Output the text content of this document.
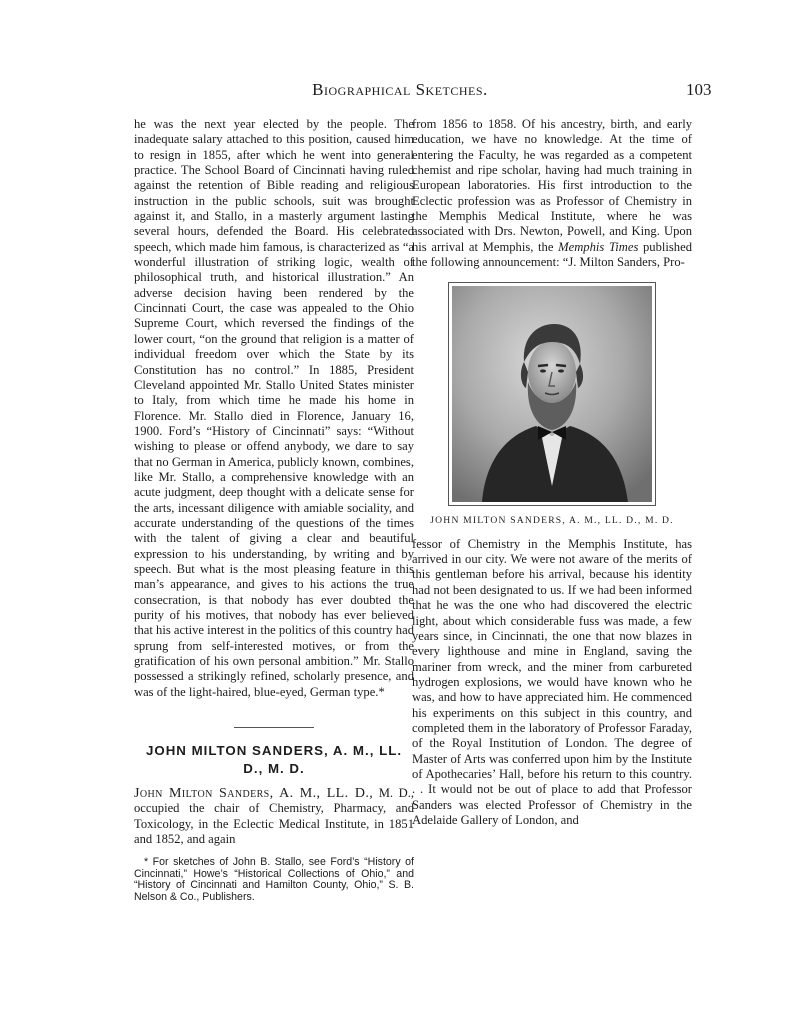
Biographical Sketches.	103

he was the next year elected by the people. The inadequate salary attached to this position, caused him to resign in 1855, after which he went into general practice. The School Board of Cincinnati having ruled against the retention of Bible reading and religious instruction in the public schools, suit was brought against it, and Stallo, in a masterly argument lasting several hours, defended the Board. His celebrated speech, which made him famous, is characterized as “a wonderful illustration of striking logic, wealth of philosophical truth, and historical illustration.” An adverse decision having been rendered by the Cincinnati Court, the case was appealed to the Ohio Supreme Court, which reversed the findings of the lower court, “on the ground that religion is a matter of individual freedom over which the State by its Constitution has no control.” In 1885, President Cleveland appointed Mr. Stallo United States minister to Italy, from which time he made his home in Florence. Mr. Stallo died in Florence, January 16, 1900. Ford’s “History of Cincinnati” says: “Without wishing to please or offend anybody, we dare to say that no German in America, publicly known, combines, like Mr. Stallo, a comprehensive knowledge with an acute judgment, deep thought with a delicate sense for the arts, incessant diligence with amiable sociality, and accurate understanding of the questions of the times with the talent of giving a clear and beautiful expression to his understanding, by writing and by speech. But what is the most pleasing feature in this man’s appearance, and gives to his actions the true consecration, is that nobody has ever doubted the purity of his motives, that nobody has ever believed that his active interest in the politics of this country had sprung from self-interested motives, or from the gratification of his own personal ambition.” Mr. Stallo possessed a strikingly refined, scholarly presence, and was of the light-haired, blue-eyed, German type.*

JOHN MILTON SANDERS, A. M., LL. D., M. D.

John Milton Sanders, A. M., LL. D., M. D., occupied the chair of Chemistry, Pharmacy, and Toxicology, in the Eclectic Medical Institute, in 1851 and 1852, and again

* For sketches of John B. Stallo, see Ford’s “History of Cincinnati,” Howe’s “Historical Collections of Ohio,” and “History of Cincinnati and Hamilton County, Ohio,” S. B. Nelson & Co., Publishers.

from 1856 to 1858. Of his ancestry, birth, and early education, we have no knowledge. At the time of entering the Faculty, he was regarded as a competent chemist and ripe scholar, having had much training in European laboratories. His first introduction to the Eclectic profession was as Professor of Chemistry in the Memphis Medical Institute, where he was associated with Drs. Newton, Powell, and King. Upon his arrival at Memphis, the Memphis Times published the following announcement: “J. Milton Sanders, Pro-

JOHN MILTON SANDERS, A. M., LL. D., M. D.

fessor of Chemistry in the Memphis Institute, has arrived in our city. We were not aware of the merits of this gentleman before his arrival, because his identity had not been designated to us. If we had been informed that he was the one who had discovered the electric light, about which considerable fuss was made, a few years since, in Cincinnati, the one that now blazes in every lighthouse and mine in England, saving the mariner from wreck, and the miner from carbureted hydrogen explosions, we would have known who he was, and how to have appreciated him. He commenced his experiments on this subject in this country, and completed them in the laboratory of Professor Faraday, of the Royal Institution of London. The degree of Master of Arts was conferred upon him by the Institute of Apothecaries’ Hall, before his return to this country. . . It would not be out of place to add that Professor Sanders was elected Professor of Chemistry in the Adelaide Gallery of London, and
